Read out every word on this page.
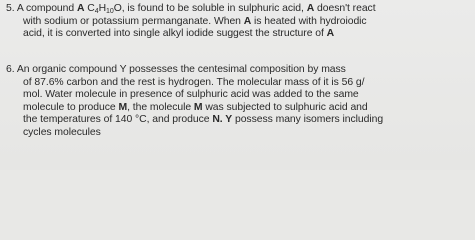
5. A compound A $C_4H_{10}O$, is found to be soluble in sulphuric acid, A doesn't react
with sodium or potassium permanganate. When A is heated with hydroiodic
acid, it is converted into single alkyl iodide suggest the structure of A
6. An organic compound Y possesses the centesimal composition by mass
of 87.6% carbon and the rest is hydrogen. The molecular mass of it is 56 g/
mol. Water molecule in presence of sulphuric acid was added to the same
molecule to produce M, the molecule M was subjected to sulphuric acid and
the temperatures of 140 °C, and produce N. Y possess many isomers including
cycles molecules
